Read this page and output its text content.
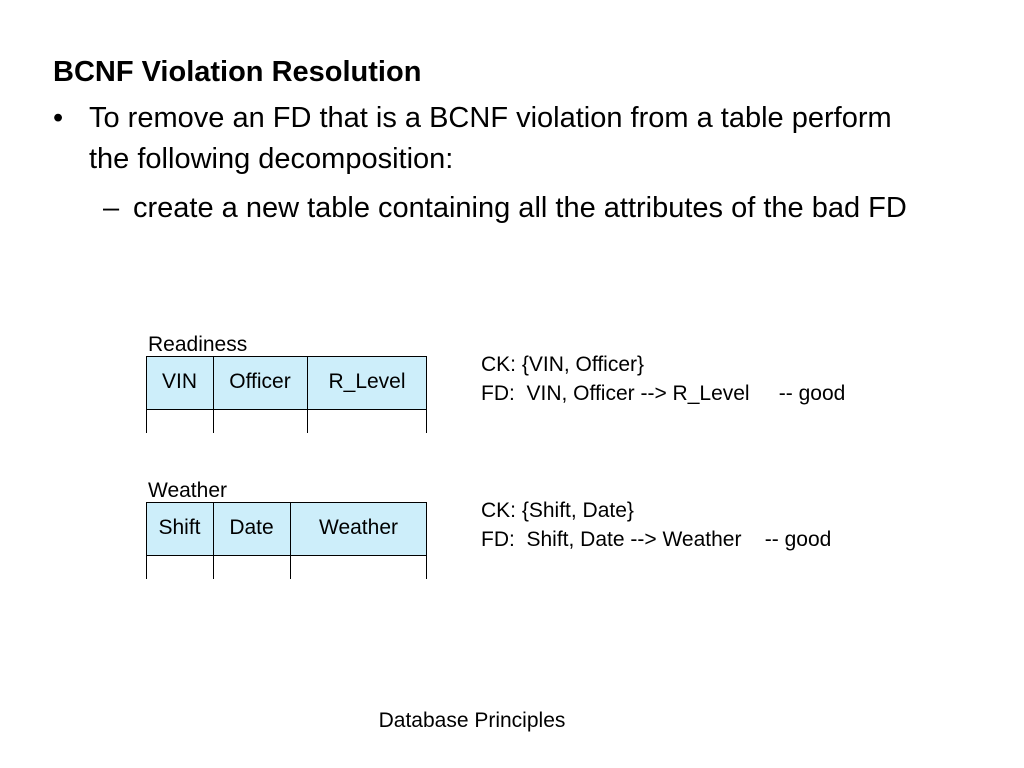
BCNF Violation Resolution
• To remove an FD that is a BCNF violation from a table perform the following decomposition:
– create a new table containing all the attributes of the bad FD
Readiness
VIN	Officer	R_Level
CK: {VIN, Officer}
FD:  VIN, Officer --> R_Level     -- good
Weather
Shift	Date	Weather
CK: {Shift, Date}
FD:  Shift, Date --> Weather    -- good
Database Principles
